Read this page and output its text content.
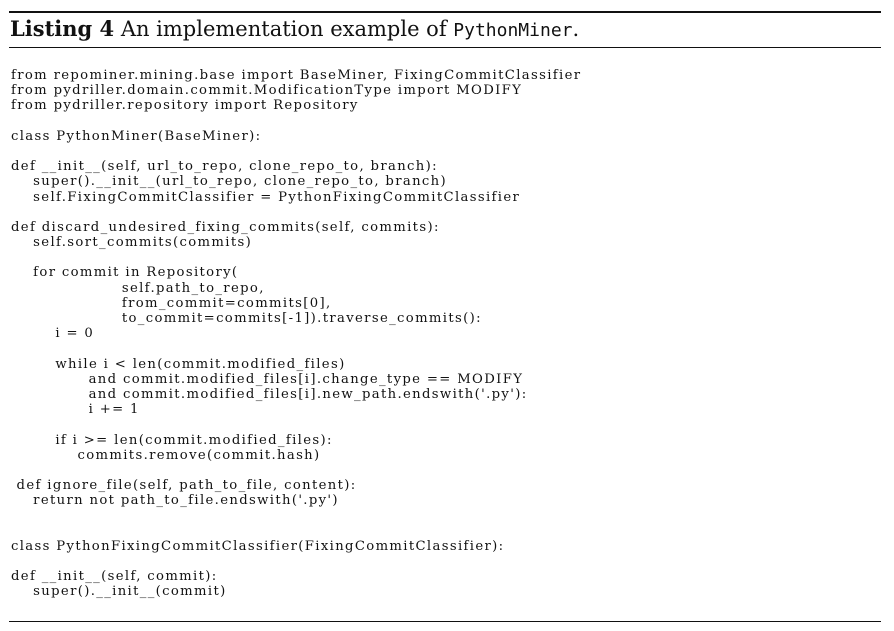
Listing 4 An implementation example of PythonMiner.
from repominer.mining.base import BaseMiner, FixingCommitClassifier
from pydriller.domain.commit.ModificationType import MODIFY
from pydriller.repository import Repository
class PythonMiner(BaseMiner):
def __init__(self, url_to_repo, clone_repo_to, branch):
super().__init__(url_to_repo, clone_repo_to, branch)
self.FixingCommitClassifier = PythonFixingCommitClassifier
def discard_undesired_fixing_commits(self, commits):
self.sort_commits(commits)
for commit in Repository(
self.path_to_repo,
from_commit=commits[0],
to_commit=commits[-1]).traverse_commits():
i = 0
while i < len(commit.modified_files)
and commit.modified_files[i].change_type == MODIFY
and commit.modified_files[i].new_path.endswith('.py'):
i += 1
if i >= len(commit.modified_files):
commits.remove(commit.hash)
def ignore_file(self, path_to_file, content):
return not path_to_file.endswith('.py')
class PythonFixingCommitClassifier(FixingCommitClassifier):
def __init__(self, commit):
super().__init__(commit)
